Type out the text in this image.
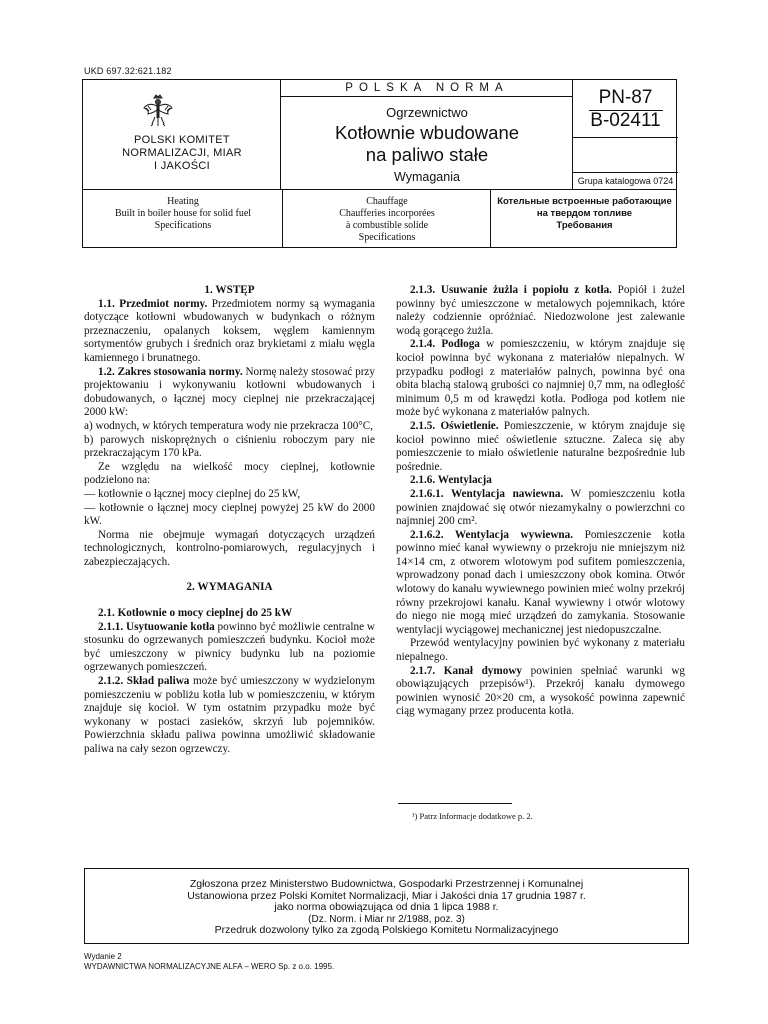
UKD 697.32:621.182
POLSKI KOMITET
NORMALIZACJI, MIAR
I JAKOŚCI
POLSKA NORMA
Ogrzewnictwo
Kotłownie wbudowane
na paliwo stałe
Wymagania
PN-87
B-02411
Grupa katalogowa 0724
Heating
Built in boiler house for solid fuel
Specifications
Chauffage
Chaufferies incorporées
à combustible solide
Specifications
Котельные встроенные работающие
на твердом топливе
Требования

1. WSTĘP

1.1. Przedmiot normy. Przedmiotem normy są wymagania dotyczące kotłowni wbudowanych w budynkach o różnym przeznaczeniu, opalanych koksem, węglem kamiennym sortymentów grubych i średnich oraz brykietami z miału węgla kamiennego i brunatnego.

1.2. Zakres stosowania normy. Normę należy stosować przy projektowaniu i wykonywaniu kotłowni wbudowanych i dobudowanych, o łącznej mocy cieplnej nie przekraczającej 2000 kW:

a) wodnych, w których temperatura wody nie przekracza 100°C,

b) parowych niskoprężnych o ciśnieniu roboczym pary nie przekraczającym 170 kPa.

Ze względu na wielkość mocy cieplnej, kotłownie podzielono na:

— kotłownie o łącznej mocy cieplnej do 25 kW,

— kotłownie o łącznej mocy cieplnej powyżej 25 kW do 2000 kW.

Norma nie obejmuje wymagań dotyczących urządzeń technologicznych, kontrolno-pomiarowych, regulacyjnych i zabezpieczających.

2. WYMAGANIA

2.1. Kotłownie o mocy cieplnej do 25 kW

2.1.1. Usytuowanie kotła powinno być możliwie centralne w stosunku do ogrzewanych pomieszczeń budynku. Kocioł może być umieszczony w piwnicy budynku lub na poziomie ogrzewanych pomieszczeń.

2.1.2. Skład paliwa może być umieszczony w wydzielonym pomieszczeniu w pobliżu kotła lub w pomieszczeniu, w którym znajduje się kocioł. W tym ostatnim przypadku może być wykonany w postaci zasieków, skrzyń lub pojemników. Powierzchnia składu paliwa powinna umożliwić składowanie paliwa na cały sezon ogrzewczy.

2.1.3. Usuwanie żużla i popiołu z kotła. Popiół i żużel powinny być umieszczone w metalowych pojemnikach, które należy codziennie opróżniać. Niedozwolone jest zalewanie wodą gorącego żużla.

2.1.4. Podłoga w pomieszczeniu, w którym znajduje się kocioł powinna być wykonana z materiałów niepalnych. W przypadku podłogi z materiałów palnych, powinna być ona obita blachą stalową grubości co najmniej 0,7 mm, na odległość minimum 0,5 m od krawędzi kotła. Podłoga pod kotłem nie może być wykonana z materiałów palnych.

2.1.5. Oświetlenie. Pomieszczenie, w którym znajduje się kocioł powinno mieć oświetlenie sztuczne. Zaleca się aby pomieszczenie to miało oświetlenie naturalne bezpośrednie lub pośrednie.

2.1.6. Wentylacja

2.1.6.1. Wentylacja nawiewna. W pomieszczeniu kotła powinien znajdować się otwór niezamykalny o powierzchni co najmniej 200 cm².

2.1.6.2. Wentylacja wywiewna. Pomieszczenie kotła powinno mieć kanał wywiewny o przekroju nie mniejszym niż 14×14 cm, z otworem wlotowym pod sufitem pomieszczenia, wprowadzony ponad dach i umieszczony obok komina. Otwór wlotowy do kanału wywiewnego powinien mieć wolny przekrój równy przekrojowi kanału. Kanał wywiewny i otwór wlotowy do niego nie mogą mieć urządzeń do zamykania. Stosowanie wentylacji wyciągowej mechanicznej jest niedopuszczalne.

Przewód wentylacyjny powinien być wykonany z materiału niepalnego.

2.1.7. Kanał dymowy powinien spełniać warunki wg obowiązujących przepisów¹). Przekrój kanału dymowego powinien wynosić 20×20 cm, a wysokość powinna zapewnić ciąg wymagany przez producenta kotła.

¹) Patrz Informacje dodatkowe p. 2.
Zgłoszona przez Ministerstwo Budownictwa, Gospodarki Przestrzennej i Komunalnej
Ustanowiona przez Polski Komitet Normalizacji, Miar i Jakości dnia 17 grudnia 1987 r.
jako norma obowiązująca od dnia 1 lipca 1988 r.
(Dz. Norm. i Miar nr 2/1988, poz. 3)
Przedruk dozwolony tylko za zgodą Polskiego Komitetu Normalizacyjnego
Wydanie 2
WYDAWNICTWA NORMALIZACYJNE ALFA – WERO Sp. z o.o. 1995.
